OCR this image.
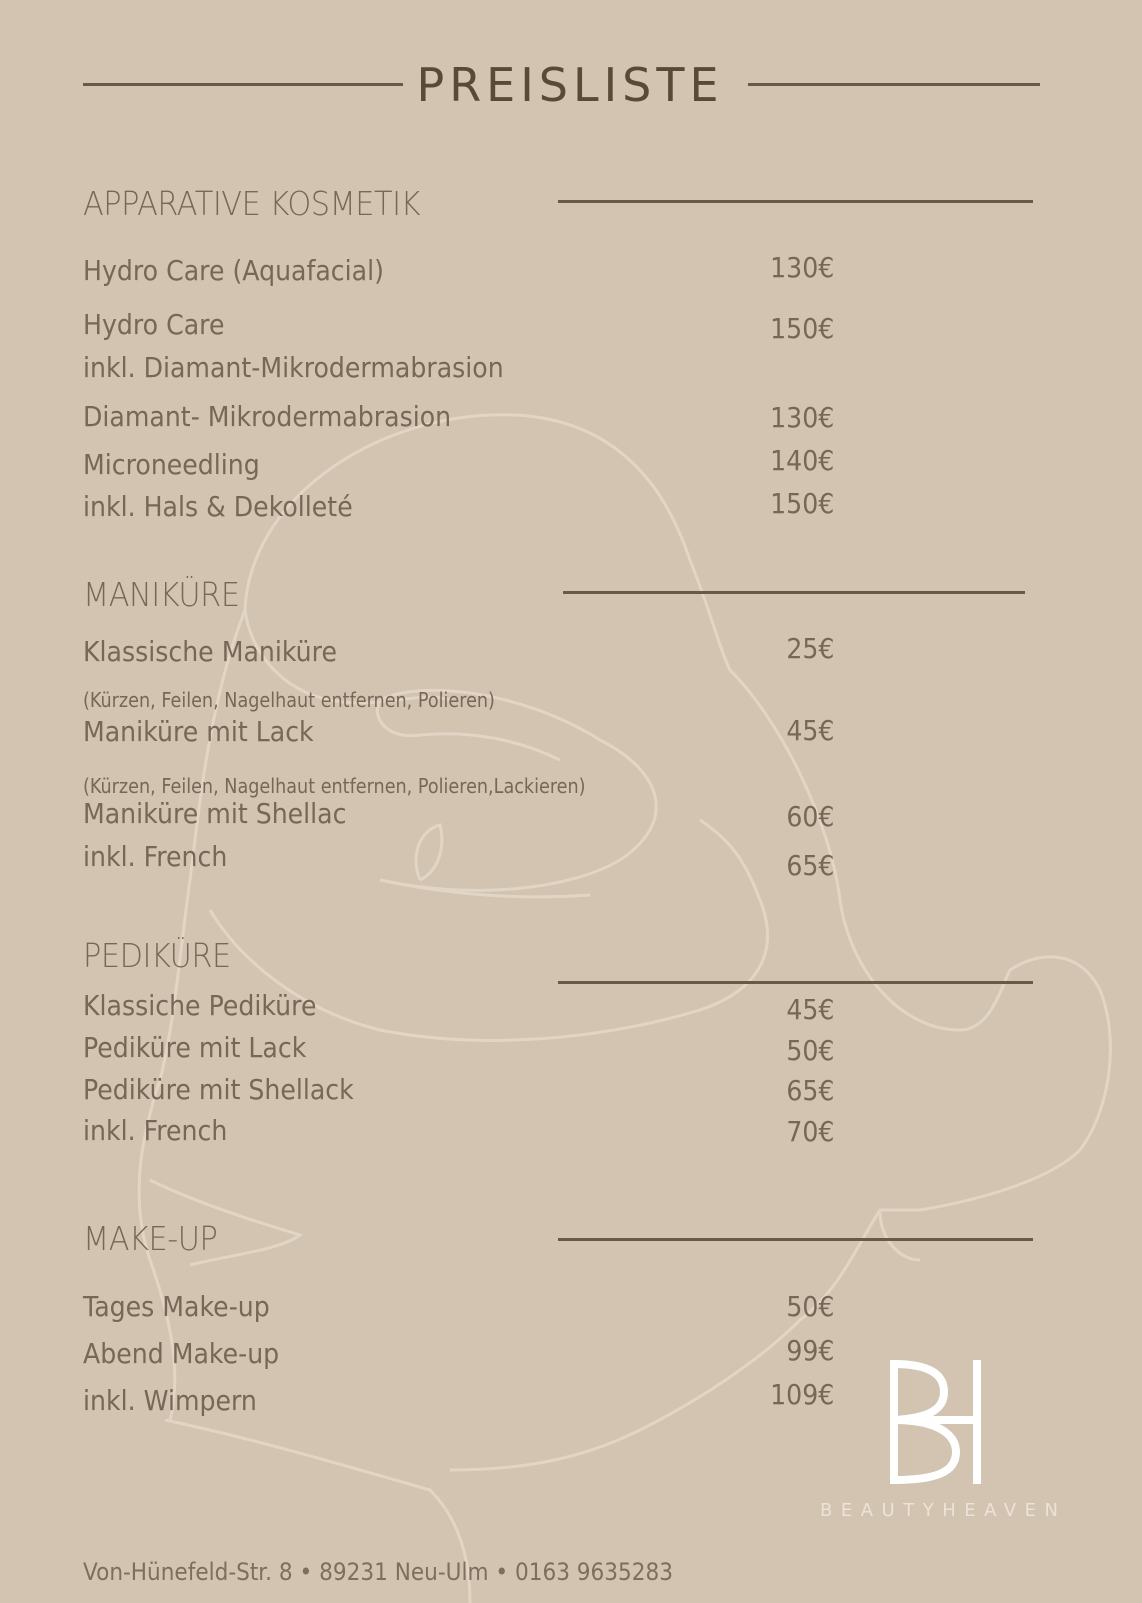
PREISLISTE
APPARATIVE KOSMETIK
Hydro Care (Aquafacial)	130€
Hydro Care	150€
inkl. Diamant-Mikrodermabrasion
Diamant- Mikrodermabrasion	130€
Microneedling	140€
inkl. Hals & Dekolleté	150€
MANIKÜRE
Klassische Maniküre	25€
(Kürzen, Feilen, Nagelhaut entfernen, Polieren)
Maniküre mit Lack	45€
(Kürzen, Feilen, Nagelhaut entfernen, Polieren,Lackieren)
Maniküre mit Shellac	60€
inkl. French	65€
PEDIKÜRE
Klassiche Pediküre	45€
Pediküre mit Lack	50€
Pediküre mit Shellack	65€
inkl. French	70€
MAKE-UP
Tages Make-up	50€
Abend Make-up	99€
inkl. Wimpern	109€
BEAUTYHEAVEN
Von-Hünefeld-Str. 8 • 89231 Neu-Ulm • 0163 9635283
